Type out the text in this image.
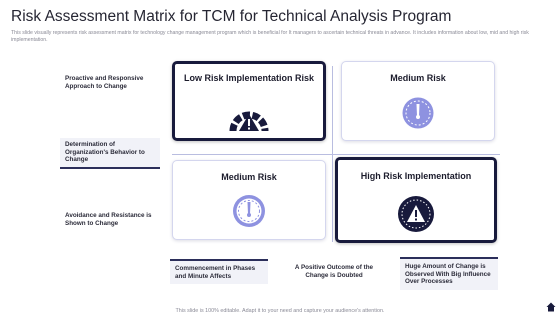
Risk Assessment Matrix for TCM for Technical Analysis Program
This slide visually represents risk assessment matrix for technology change management program which is beneficial for It managers to ascertain technical threats in advance. It includes information about low, mid and high risk implementation.
Low Risk Implementation Risk	Medium Risk
Medium Risk	High Risk Implementation
Proactive and Responsive Approach to Change
Determination of Organization's Behavior to Change
Avoidance and Resistance is Shown to Change
Commencement in Phases and Minute Affects
A Positive Outcome of the Change is Doubted
Huge Amount of Change is Observed With Big Influence Over Processes
This slide is 100% editable. Adapt it to your need and capture your audience's attention.
